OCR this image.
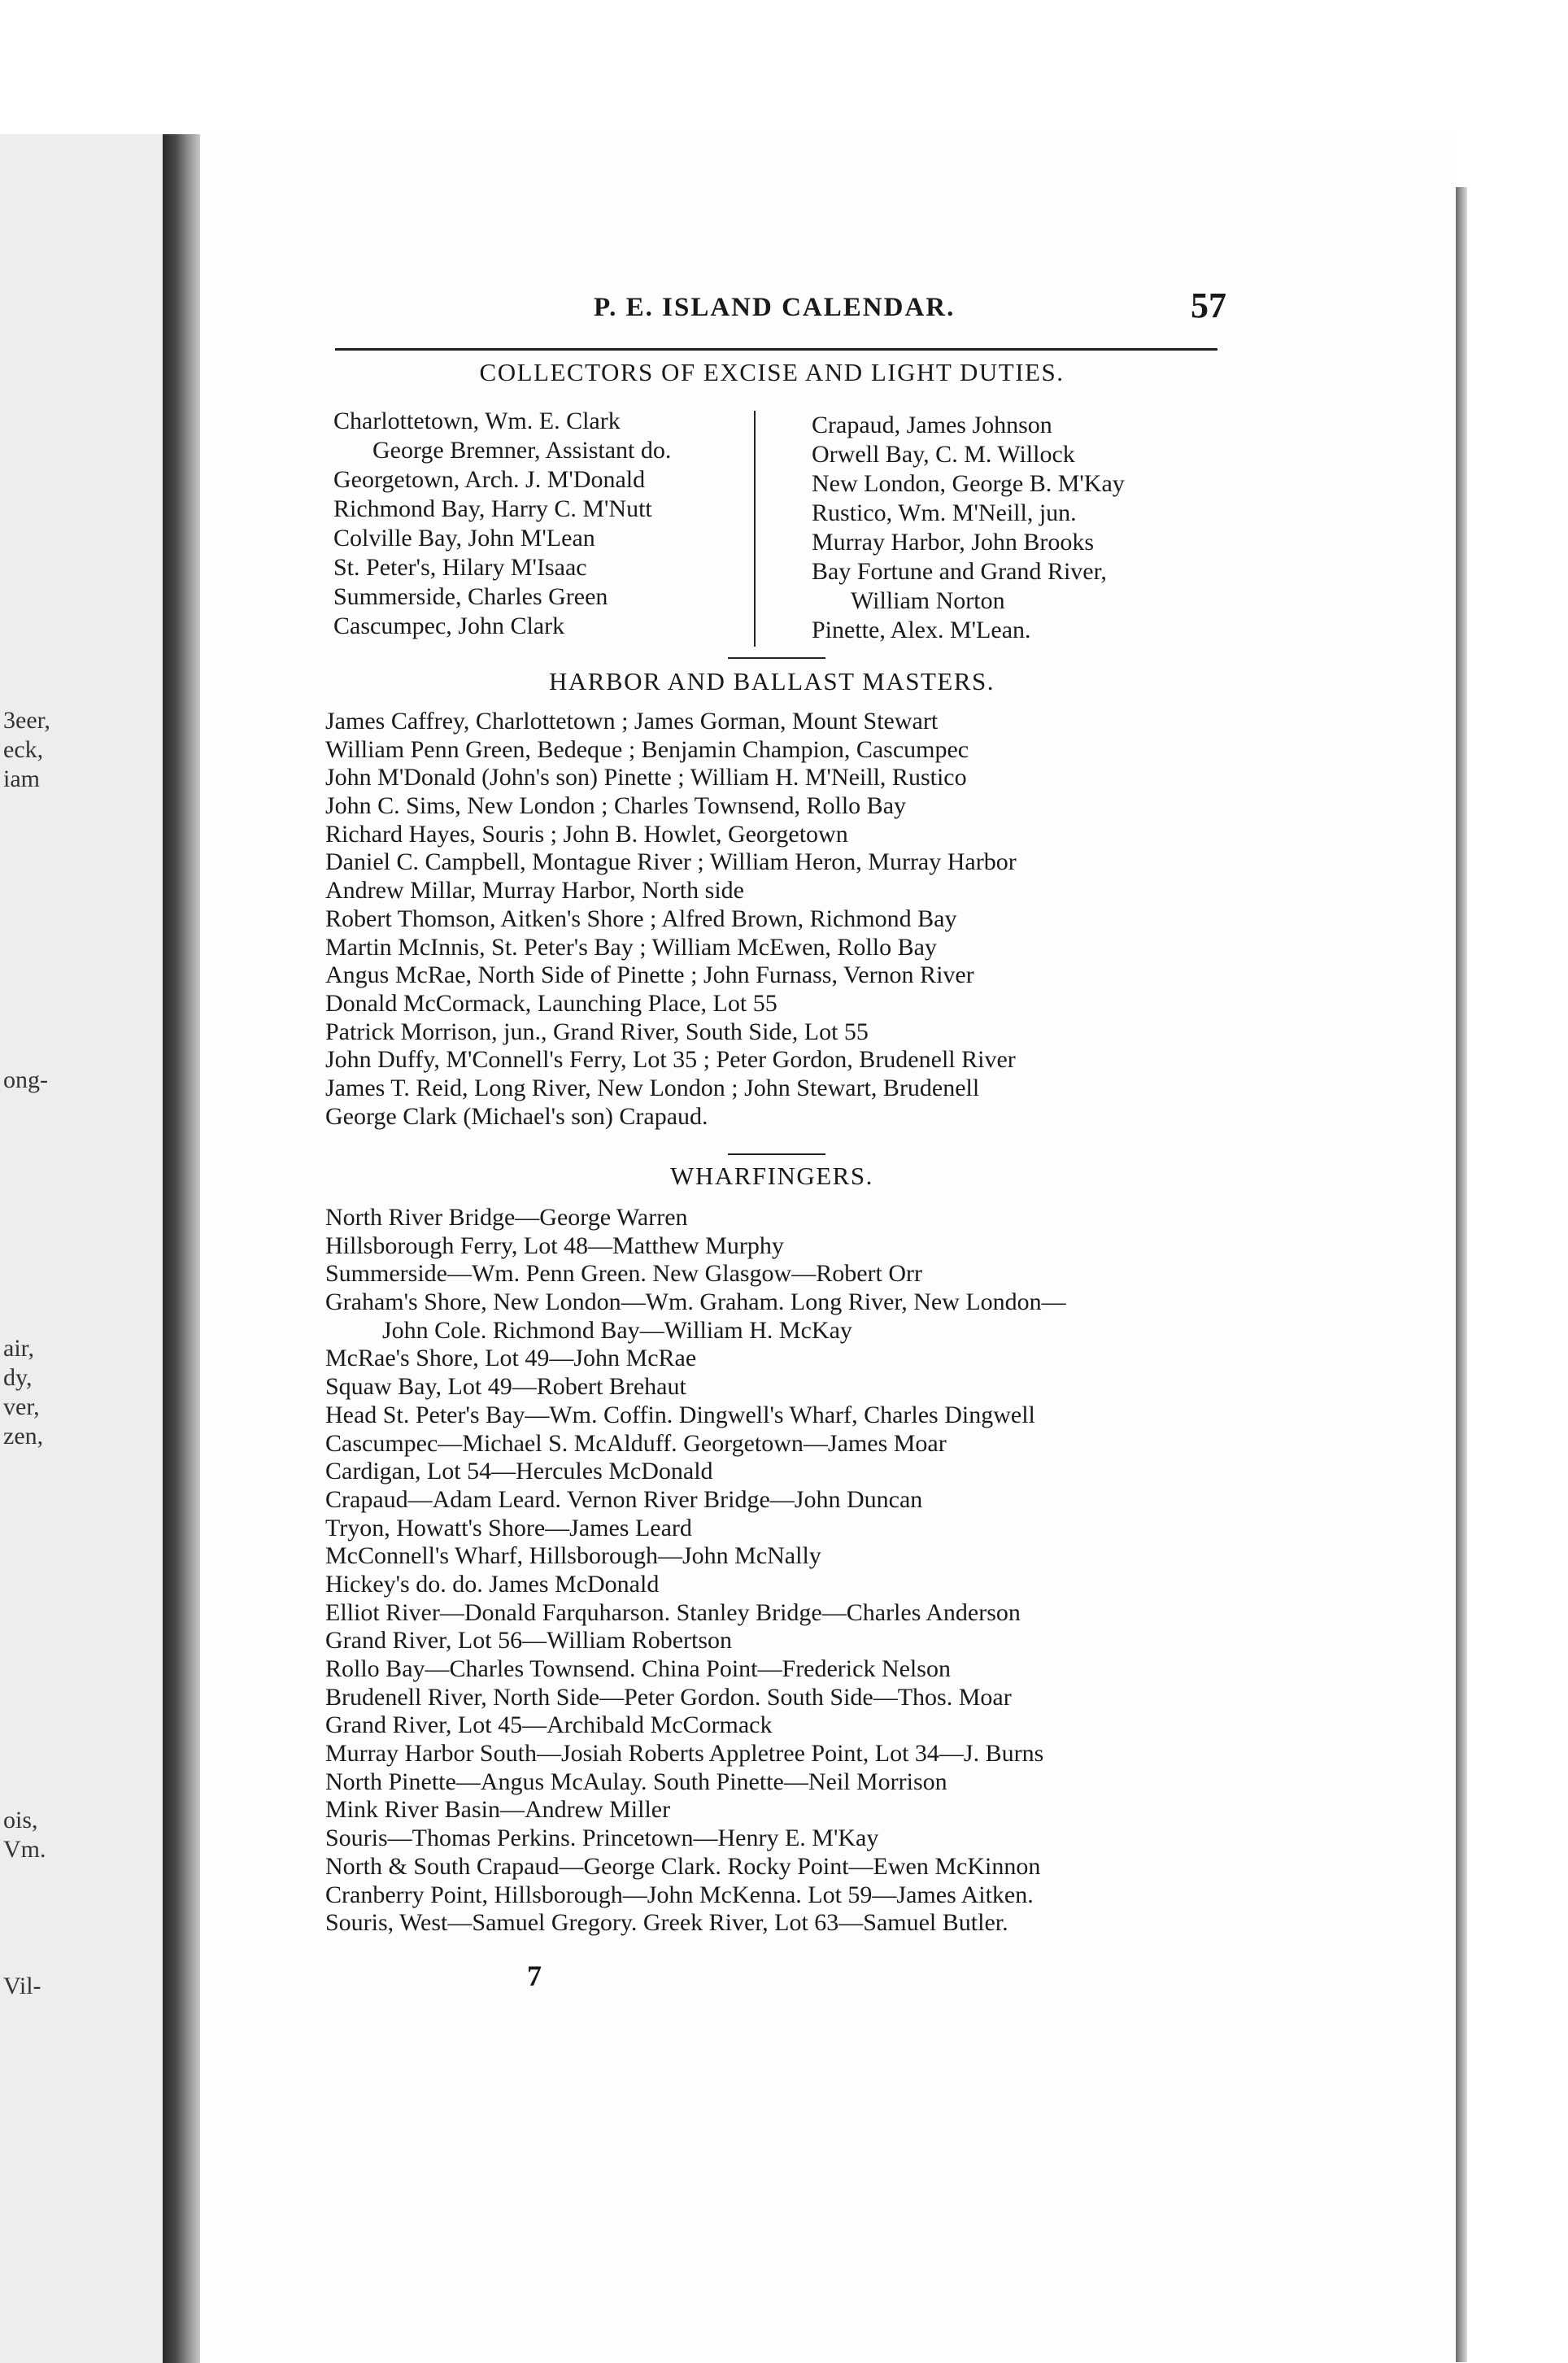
3eer,
eck,
iam
ong-
air,
dy,
ver,
zen,
ois,
Vm.
Vil-
P. E. ISLAND CALENDAR.	57
COLLECTORS OF EXCISE AND LIGHT DUTIES.
Charlottetown, Wm. E. Clark
George Bremner, Assistant do.
Georgetown, Arch. J. M'Donald
Richmond Bay, Harry C. M'Nutt
Colville Bay, John M'Lean
St. Peter's, Hilary M'Isaac
Summerside, Charles Green
Cascumpec, John Clark
Crapaud, James Johnson
Orwell Bay, C. M. Willock
New London, George B. M'Kay
Rustico, Wm. M'Neill, jun.
Murray Harbor, John Brooks
Bay Fortune and Grand River,
William Norton
Pinette, Alex. M'Lean.
HARBOR AND BALLAST MASTERS.
James Caffrey, Charlottetown ; James Gorman, Mount Stewart
William Penn Green, Bedeque ; Benjamin Champion, Cascumpec
John M'Donald (John's son) Pinette ; William H. M'Neill, Rustico
John C. Sims, New London ; Charles Townsend, Rollo Bay
Richard Hayes, Souris ; John B. Howlet, Georgetown
Daniel C. Campbell, Montague River ; William Heron, Murray Harbor
Andrew Millar, Murray Harbor, North side
Robert Thomson, Aitken's Shore ; Alfred Brown, Richmond Bay
Martin McInnis, St. Peter's Bay ; William McEwen, Rollo Bay
Angus McRae, North Side of Pinette ; John Furnass, Vernon River
Donald McCormack, Launching Place, Lot 55
Patrick Morrison, jun., Grand River, South Side, Lot 55
John Duffy, M'Connell's Ferry, Lot 35 ; Peter Gordon, Brudenell River
James T. Reid, Long River, New London ; John Stewart, Brudenell
George Clark (Michael's son) Crapaud.
WHARFINGERS.
North River Bridge—George Warren
Hillsborough Ferry, Lot 48—Matthew Murphy
Summerside—Wm. Penn Green. New Glasgow—Robert Orr
Graham's Shore, New London—Wm. Graham. Long River, New London—
John Cole. Richmond Bay—William H. McKay
McRae's Shore, Lot 49—John McRae
Squaw Bay, Lot 49—Robert Brehaut
Head St. Peter's Bay—Wm. Coffin. Dingwell's Wharf, Charles Dingwell
Cascumpec—Michael S. McAlduff. Georgetown—James Moar
Cardigan, Lot 54—Hercules McDonald
Crapaud—Adam Leard. Vernon River Bridge—John Duncan
Tryon, Howatt's Shore—James Leard
McConnell's Wharf, Hillsborough—John McNally
Hickey's do. do. James McDonald
Elliot River—Donald Farquharson. Stanley Bridge—Charles Anderson
Grand River, Lot 56—William Robertson
Rollo Bay—Charles Townsend. China Point—Frederick Nelson
Brudenell River, North Side—Peter Gordon. South Side—Thos. Moar
Grand River, Lot 45—Archibald McCormack
Murray Harbor South—Josiah Roberts Appletree Point, Lot 34—J. Burns
North Pinette—Angus McAulay. South Pinette—Neil Morrison
Mink River Basin—Andrew Miller
Souris—Thomas Perkins. Princetown—Henry E. M'Kay
North & South Crapaud—George Clark. Rocky Point—Ewen McKinnon
Cranberry Point, Hillsborough—John McKenna. Lot 59—James Aitken.
Souris, West—Samuel Gregory. Greek River, Lot 63—Samuel Butler.
7
